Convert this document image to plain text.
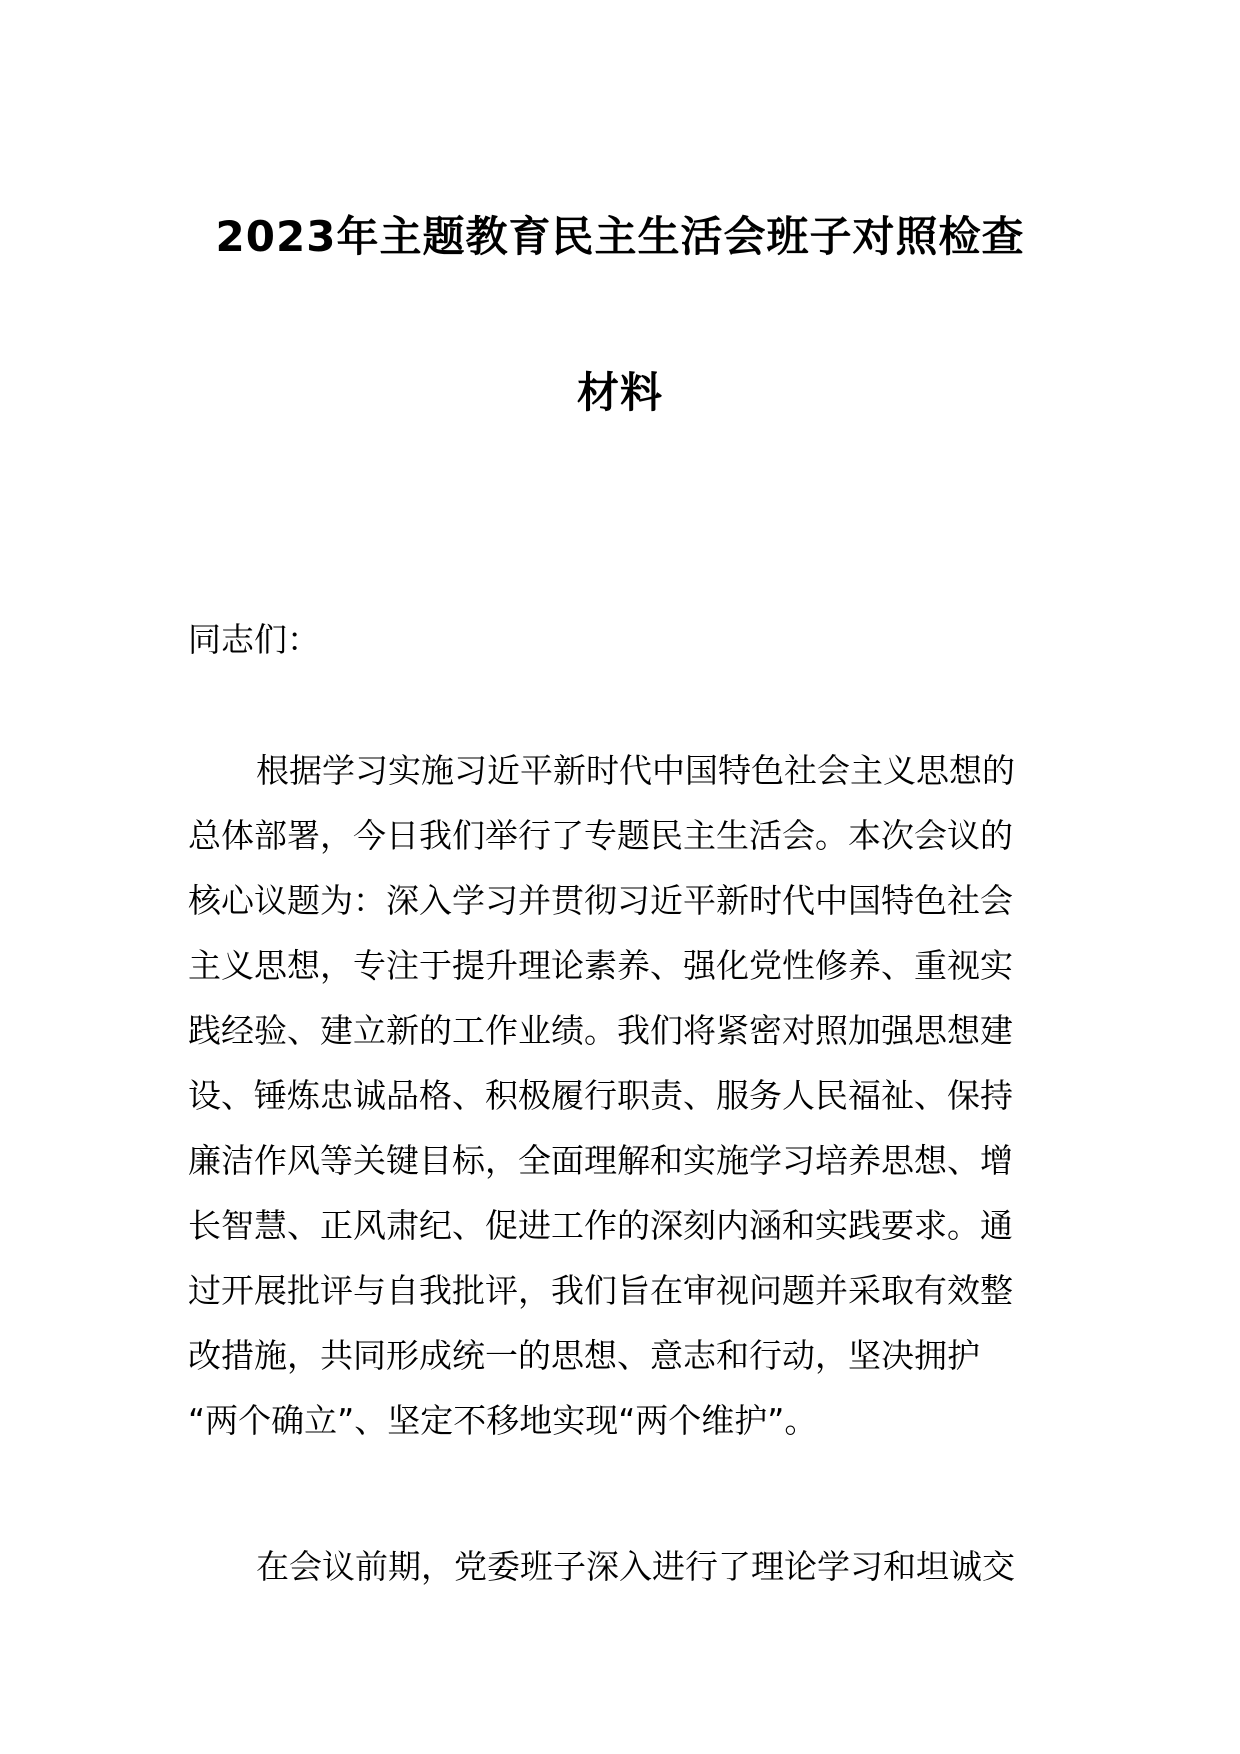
2023年主题教育民主生活会班子对照检查
材料
同志们：
根据学习实施习近平新时代中国特色社会主义思想的
总体部署，今日我们举行了专题民主生活会。本次会议的
核心议题为：深入学习并贯彻习近平新时代中国特色社会
主义思想，专注于提升理论素养、强化党性修养、重视实
践经验、建立新的工作业绩。我们将紧密对照加强思想建
设、锤炼忠诚品格、积极履行职责、服务人民福祉、保持
廉洁作风等关键目标，全面理解和实施学习培养思想、增
长智慧、正风肃纪、促进工作的深刻内涵和实践要求。通
过开展批评与自我批评，我们旨在审视问题并采取有效整
改措施，共同形成统一的思想、意志和行动，坚决拥护
“两个确立”、坚定不移地实现“两个维护”。
在会议前期，党委班子深入进行了理论学习和坦诚交
